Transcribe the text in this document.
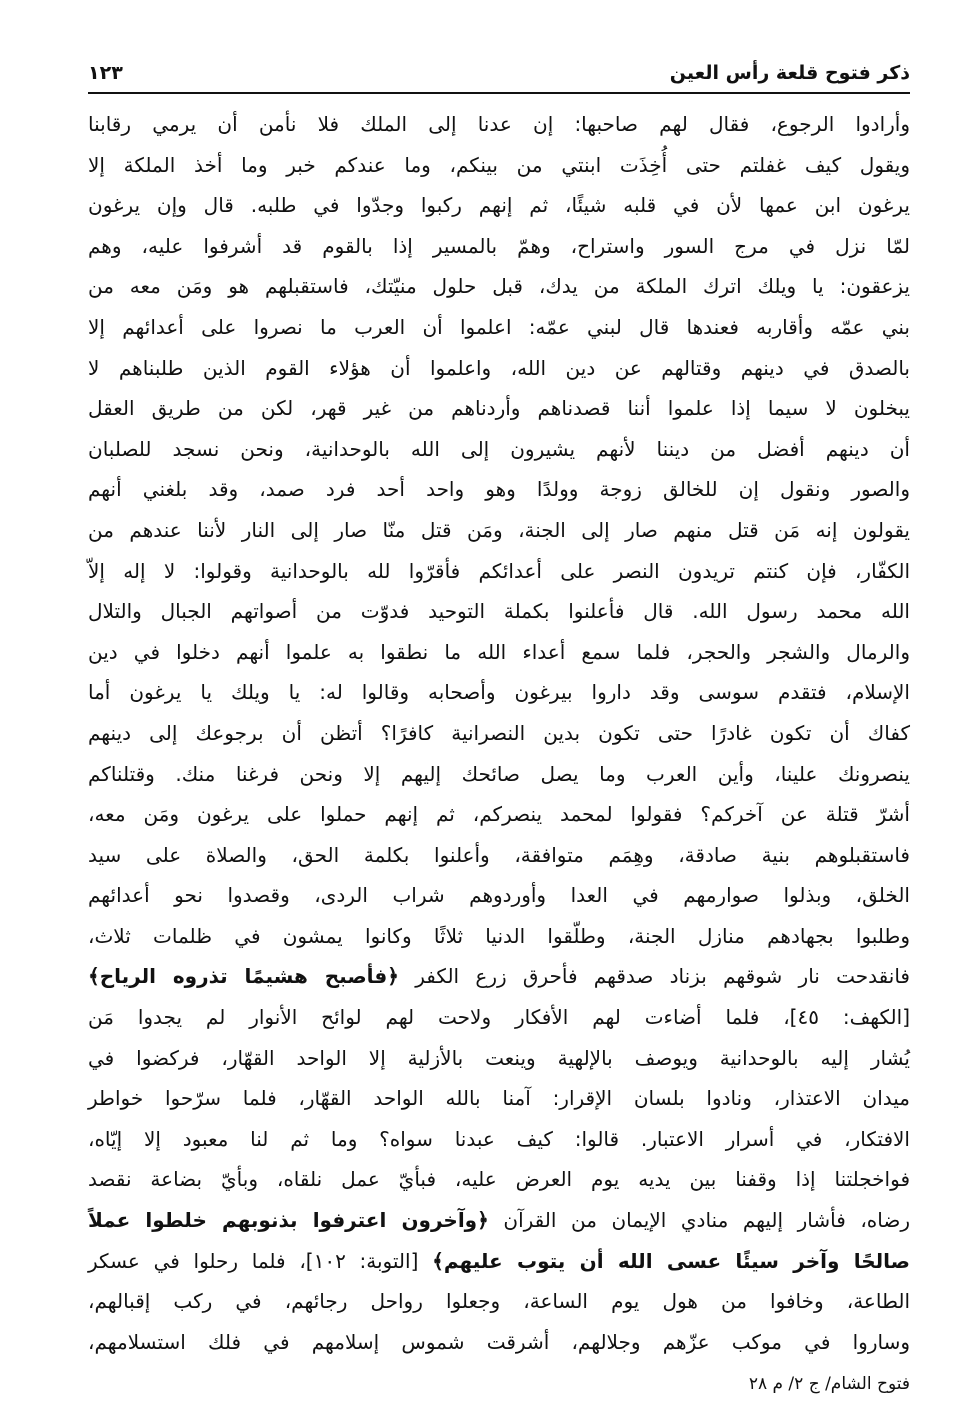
ذكر فتوح قلعة رأس العين
١٢٣
وأرادوا الرجوع، فقال لهم صاحبها: إن عدنا إلى الملك فلا نأمن أن يرمي رقابنا
ويقول كيف غفلتم حتى أُخِذَت ابنتي من بينكم، وما عندكم خبر وما أخذ الملكة إلا
يرغون ابن عمها لأن في قلبه شيئًا، ثم إنهم ركبوا وجدّوا في طلبه. قال وإن يرغون
لمّا نزل في مرج السور واستراح، وهمّ بالمسير إذا بالقوم قد أشرفوا عليه، وهم
يزعقون: يا ويلك اترك الملكة من يدك، قبل حلول منيّتك، فاستقبلهم هو ومَن معه من
بني عمّه وأقاربه فعندها قال لبني عمّه: اعلموا أن العرب ما نصروا على أعدائهم إلا
بالصدق في دينهم وقتالهم عن دين الله، واعلموا أن هؤلاء القوم الذين طلبناهم لا
يبخلون لا سيما إذا علموا أننا قصدناهم وأردناهم من غير قهر، لكن من طريق العقل
أن دينهم أفضل من ديننا لأنهم يشيرون إلى الله بالوحدانية، ونحن نسجد للصلبان
والصور ونقول إن للخالق زوجة وولدًا وهو واحد أحد فرد صمد، وقد بلغني أنهم
يقولون إنه مَن قتل منهم صار إلى الجنة، ومَن قتل منّا صار إلى النار لأننا عندهم من
الكفّار، فإن كنتم تريدون النصر على أعدائكم فأقرّوا لله بالوحدانية وقولوا: لا إله إلاّ
الله محمد رسول الله. قال فأعلنوا بكملة التوحيد فدوّت من أصواتهم الجبال والتلال
والرمال والشجر والحجر، فلما سمع أعداء الله ما نطقوا به علموا أنهم دخلوا في دين
الإسلام، فتقدم سوسى وقد داروا بيرغون وأصحابه وقالوا له: يا ويلك يا يرغون أما
كفاك أن تكون غادرًا حتى تكون بدين النصرانية كافرًا؟ أتظن أن برجوعك إلى دينهم
ينصرونك علينا، وأين العرب وما يصل صائحك إليهم إلا ونحن فرغنا منك. وقتلناكم
أشرّ قتلة عن آخركم؟ فقولوا لمحمد ينصركم، ثم إنهم حملوا على يرغون ومَن معه،
فاستقبلوهم بنية صادقة، وهِمَم متوافقة، وأعلنوا بكلمة الحق، والصلاة على سيد
الخلق، وبذلوا صوارمهم في العدا وأوردوهم شراب الردى، وقصدوا نحو أعدائهم
وطلبوا بجهادهم منازل الجنة، وطلّقوا الدنيا ثلاثًا وكانوا يمشون في ظلمات ثلاث،
فانقدحت نار شوقهم بزناد صدقهم فأحرق زرع الكفر ﴿فأصبح هشيمًا تذروه الرياح﴾
[الكهف: ٤٥]، فلما أضاءت لهم الأفكار ولاحت لهم لوائح الأنوار لم يجدوا مَن
يُشار إليه بالوحدانية ويوصف بالإلهية وينعت بالأزلية إلا الواحد القهّار، فركضوا في
ميدان الاعتذار، ونادوا بلسان الإقرار: آمنا بالله الواحد القهّار، فلما سرّحوا خواطر
الافتكار، في أسرار الاعتبار. قالوا: كيف عبدنا سواه؟ وما ثم لنا معبود إلا إيّاه،
فواخجلتنا إذا وقفنا بين يديه يوم العرض عليه، فبأيّ عمل نلقاه، وبأيّ بضاعة نقصد
رضاه، فأشار إليهم منادي الإيمان من القرآن ﴿وآخرون اعترفوا بذنوبهم خلطوا عملاً
صالحًا وآخر سيئًا عسى الله أن يتوب عليهم﴾ [التوبة: ١٠٢]، فلما رحلوا في عسكر
الطاعة، وخافوا من هول يوم الساعة، وجعلوا رواحل رجائهم، في ركب إقبالهم،
وساروا في موكب عزّهم وجلالهم، أشرقت شموس إسلامهم في فلك استسلامهم،
فتوح الشام/ ج ٢/ م ٢٨
